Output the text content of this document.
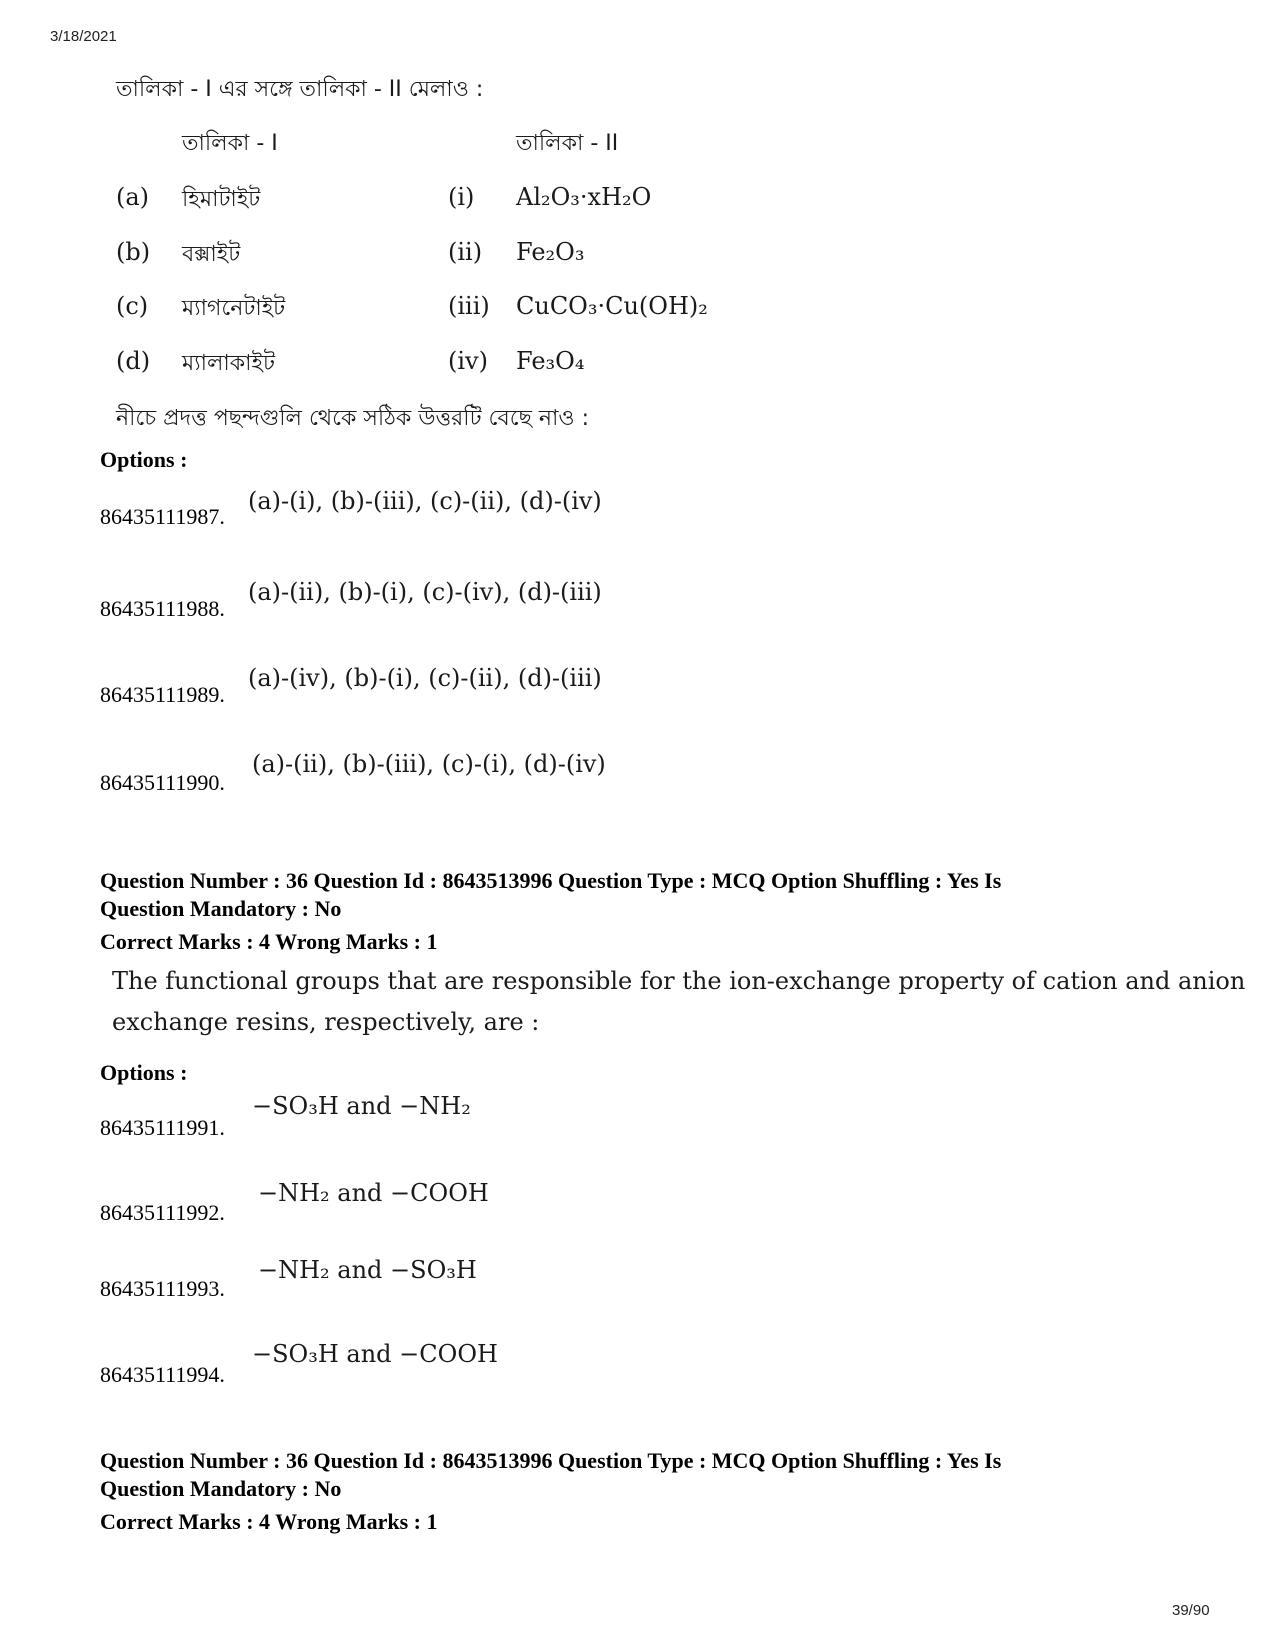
3/18/2021
তালিকা - I এর সঙ্গে তালিকা - II মেলাও :
তালিকা - I	তালিকা - II
(a) হিমাটাইট	(i) Al₂O₃·xH₂O
(b) বক্সাইট	(ii) Fe₂O₃
(c) ম্যাগনেটাইট	(iii) CuCO₃·Cu(OH)₂
(d) ম্যালাকাইট	(iv) Fe₃O₄
নীচে প্রদত্ত পছন্দগুলি থেকে সঠিক উত্তরটি বেছে নাও :
Options :
86435111987.
(a)-(i), (b)-(iii), (c)-(ii), (d)-(iv)
86435111988.
(a)-(ii), (b)-(i), (c)-(iv), (d)-(iii)
86435111989.
(a)-(iv), (b)-(i), (c)-(ii), (d)-(iii)
86435111990.
(a)-(ii), (b)-(iii), (c)-(i), (d)-(iv)
Question Number : 36 Question Id : 8643513996 Question Type : MCQ Option Shuffling : Yes Is
Question Mandatory : No
Correct Marks : 4 Wrong Marks : 1
The functional groups that are responsible for the ion-exchange property of cation and anion
exchange resins, respectively, are :
Options :
86435111991.
−SO₃H and −NH₂
86435111992.
−NH₂ and −COOH
86435111993.
−NH₂ and −SO₃H
86435111994.
−SO₃H and −COOH
Question Number : 36 Question Id : 8643513996 Question Type : MCQ Option Shuffling : Yes Is
Question Mandatory : No
Correct Marks : 4 Wrong Marks : 1
39/90
